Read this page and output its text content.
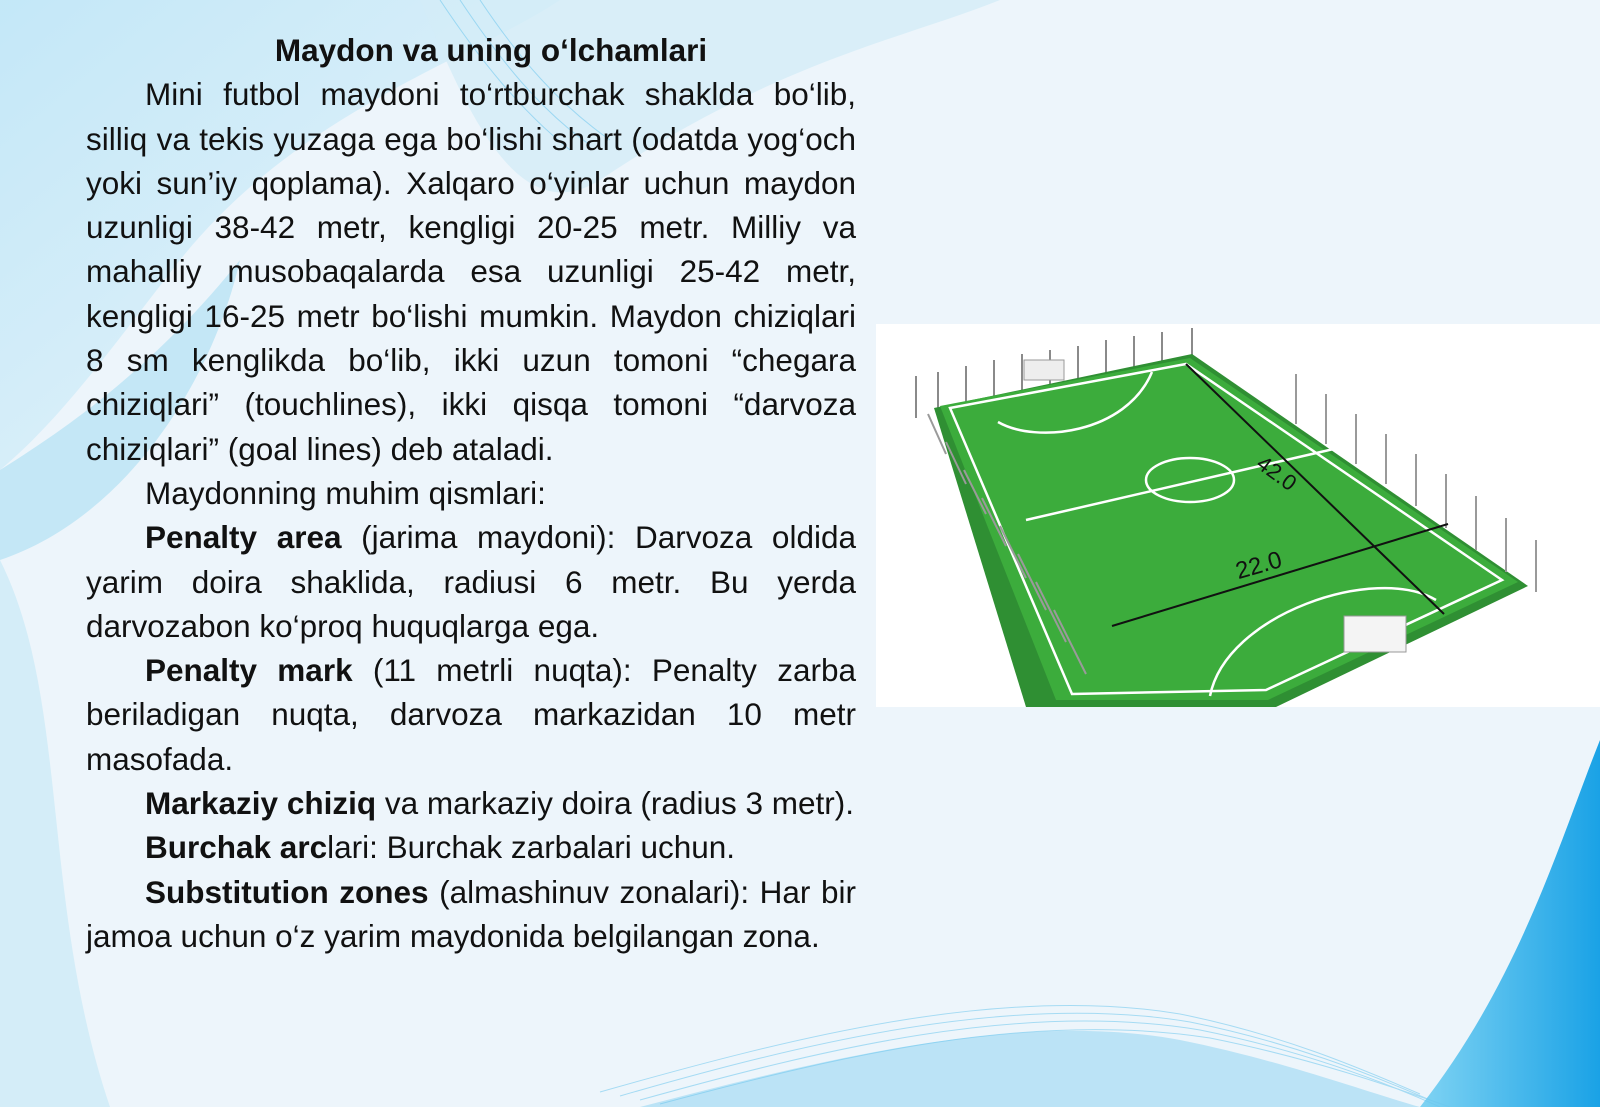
Maydon va uning o‘lchamlari

Mini futbol maydoni to‘rtburchak shaklda bo‘lib, silliq va tekis yuzaga ega bo‘lishi shart (odatda yog‘och yoki sun’iy qoplama). Xalqaro o‘yinlar uchun maydon uzunligi 38-42 metr, kengligi 20-25 metr. Milliy va mahalliy musobaqalarda esa uzunligi 25-42 metr, kengligi 16-25 metr bo‘lishi mumkin. Maydon chiziqlari 8 sm kenglikda bo‘lib, ikki uzun tomoni “chegara chiziqlari” (touchlines), ikki qisqa tomoni “darvoza chiziqlari” (goal lines) deb ataladi.

Maydonning muhim qismlari:

Penalty area (jarima maydoni): Darvoza oldida yarim doira shaklida, radiusi 6 metr. Bu yerda darvozabon ko‘proq huquqlarga ega.

Penalty mark (11 metrli nuqta): Penalty zarba beriladigan nuqta, darvoza markazidan 10 metr masofada.

Markaziy chiziq va markaziy doira (radius 3 metr).

Burchak arclari: Burchak zarbalari uchun.

Substitution zones (almashinuv zonalari): Har bir jamoa uchun o‘z yarim maydonida belgilangan zona.

42.0
22.0
